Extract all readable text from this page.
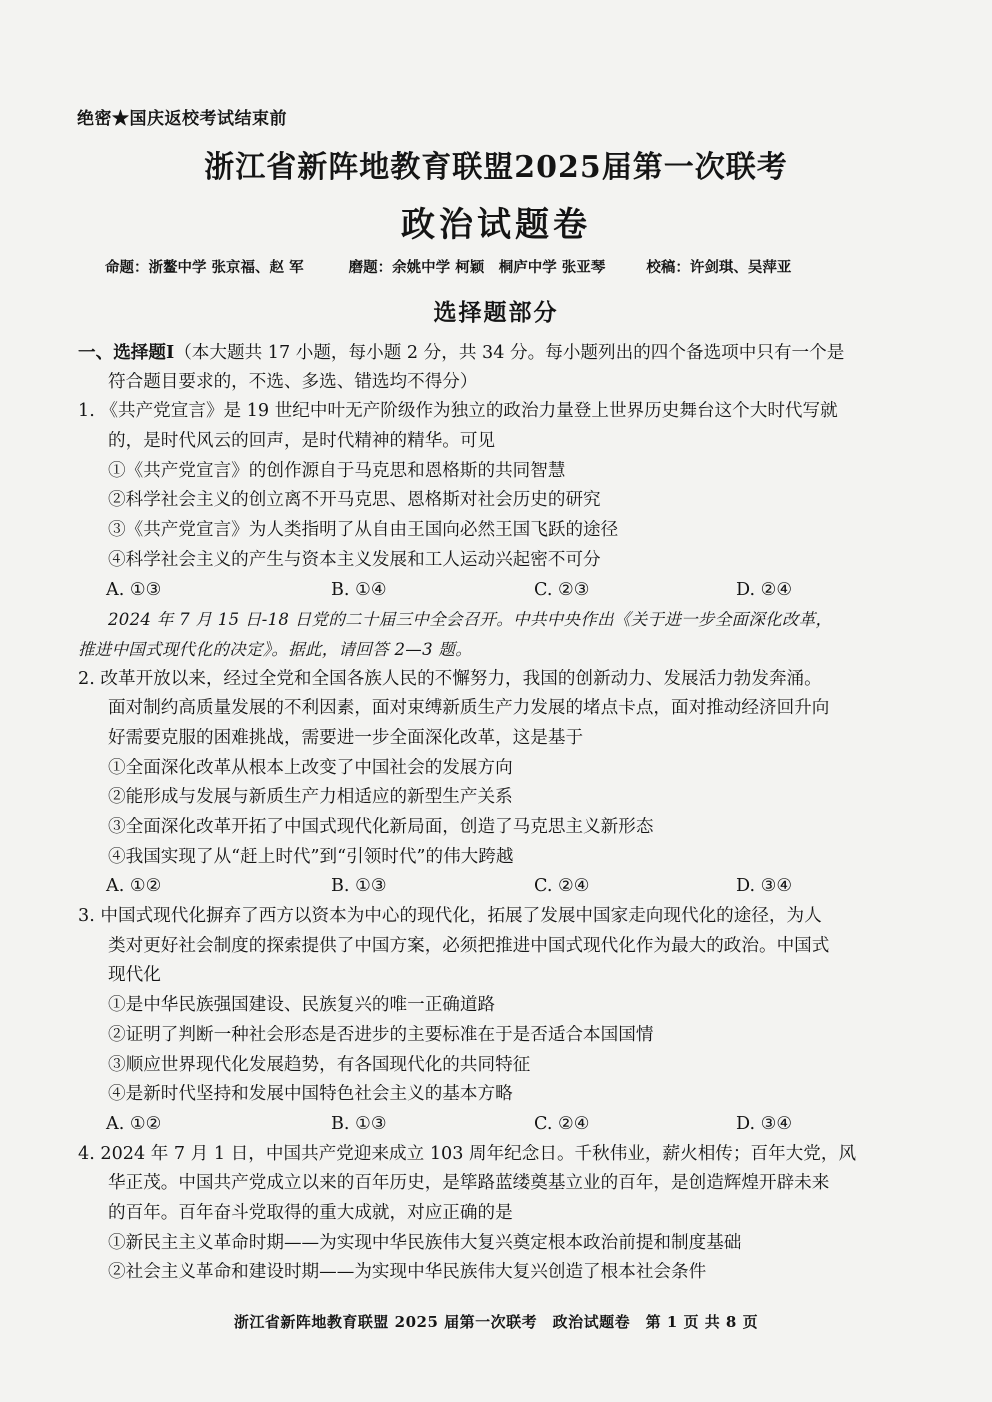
绝密★国庆返校考试结束前
浙江省新阵地教育联盟2025届第一次联考
政治试题卷
命题：浙鳌中学 张京福、赵 军	磨题：余姚中学 柯颖　桐庐中学 张亚琴	校稿：许剑琪、吴萍亚
选择题部分
一、选择题Ⅰ（本大题共 17 小题，每小题 2 分，共 34 分。每小题列出的四个备选项中只有一个是
符合题目要求的，不选、多选、错选均不得分）
1. 《共产党宣言》是 19 世纪中叶无产阶级作为独立的政治力量登上世界历史舞台这个大时代写就
的，是时代风云的回声，是时代精神的精华。可见
①《共产党宣言》的创作源自于马克思和恩格斯的共同智慧
②科学社会主义的创立离不开马克思、恩格斯对社会历史的研究
③《共产党宣言》为人类指明了从自由王国向必然王国飞跃的途径
④科学社会主义的产生与资本主义发展和工人运动兴起密不可分
A. ①③	B. ①④	C. ②③	D. ②④
2024 年 7 月 15 日-18 日党的二十届三中全会召开。中共中央作出《关于进一步全面深化改革，
推进中国式现代化的决定》。据此，请回答 2—3 题。
2. 改革开放以来，经过全党和全国各族人民的不懈努力，我国的创新动力、发展活力勃发奔涌。
面对制约高质量发展的不利因素，面对束缚新质生产力发展的堵点卡点，面对推动经济回升向
好需要克服的困难挑战，需要进一步全面深化改革，这是基于
①全面深化改革从根本上改变了中国社会的发展方向
②能形成与发展与新质生产力相适应的新型生产关系
③全面深化改革开拓了中国式现代化新局面，创造了马克思主义新形态
④我国实现了从“赶上时代”到“引领时代”的伟大跨越
A. ①②	B. ①③	C. ②④	D. ③④
3. 中国式现代化摒弃了西方以资本为中心的现代化，拓展了发展中国家走向现代化的途径，为人
类对更好社会制度的探索提供了中国方案，必须把推进中国式现代化作为最大的政治。中国式
现代化
①是中华民族强国建设、民族复兴的唯一正确道路
②证明了判断一种社会形态是否进步的主要标准在于是否适合本国国情
③顺应世界现代化发展趋势，有各国现代化的共同特征
④是新时代坚持和发展中国特色社会主义的基本方略
A. ①②	B. ①③	C. ②④	D. ③④
4. 2024 年 7 月 1 日，中国共产党迎来成立 103 周年纪念日。千秋伟业，薪火相传；百年大党，风
华正茂。中国共产党成立以来的百年历史，是筚路蓝缕奠基立业的百年，是创造辉煌开辟未来
的百年。百年奋斗党取得的重大成就，对应正确的是
①新民主主义革命时期——为实现中华民族伟大复兴奠定根本政治前提和制度基础
②社会主义革命和建设时期——为实现中华民族伟大复兴创造了根本社会条件
浙江省新阵地教育联盟 2025 届第一次联考　政治试题卷　第 1 页 共 8 页
